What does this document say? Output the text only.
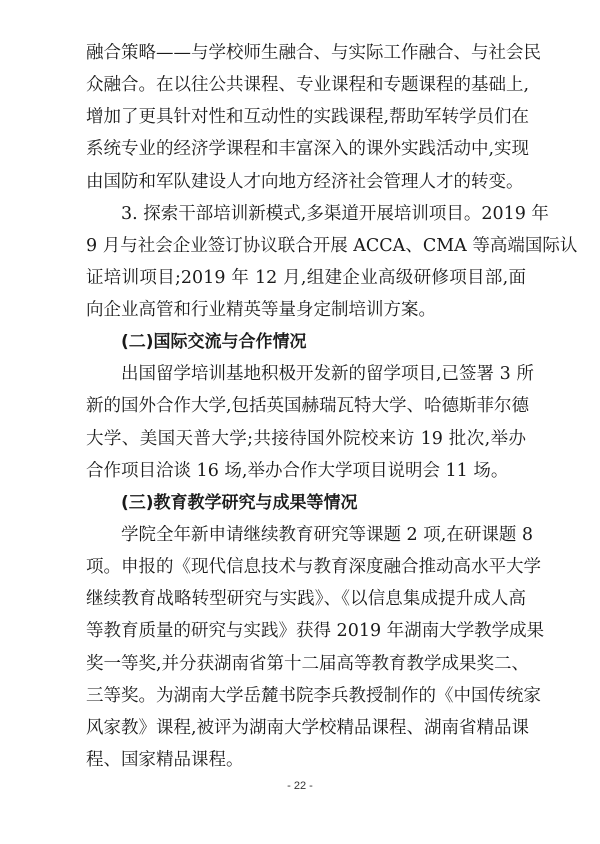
融合策略——与学校师生融合、与实际工作融合、与社会民
众融合。在以往公共课程、专业课程和专题课程的基础上,
增加了更具针对性和互动性的实践课程,帮助军转学员们在
系统专业的经济学课程和丰富深入的课外实践活动中,实现
由国防和军队建设人才向地方经济社会管理人才的转变。
3. 探索干部培训新模式,多渠道开展培训项目。2019 年
9 月与社会企业签订协议联合开展 ACCA、CMA 等高端国际认
证培训项目;2019 年 12 月,组建企业高级研修项目部,面
向企业高管和行业精英等量身定制培训方案。
(二)国际交流与合作情况
出国留学培训基地积极开发新的留学项目,已签署 3 所
新的国外合作大学,包括英国赫瑞瓦特大学、哈德斯菲尔德
大学、美国天普大学;共接待国外院校来访 19 批次,举办
合作项目洽谈 16 场,举办合作大学项目说明会 11 场。
(三)教育教学研究与成果等情况
学院全年新申请继续教育研究等课题 2 项,在研课题 8
项。申报的《现代信息技术与教育深度融合推动高水平大学
继续教育战略转型研究与实践》、《以信息集成提升成人高
等教育质量的研究与实践》获得 2019 年湖南大学教学成果
奖一等奖,并分获湖南省第十二届高等教育教学成果奖二、
- 22 -
三等奖。为湖南大学岳麓书院李兵教授制作的《中国传统家
风家教》课程,被评为湖南大学校精品课程、湖南省精品课
程、国家精品课程。
